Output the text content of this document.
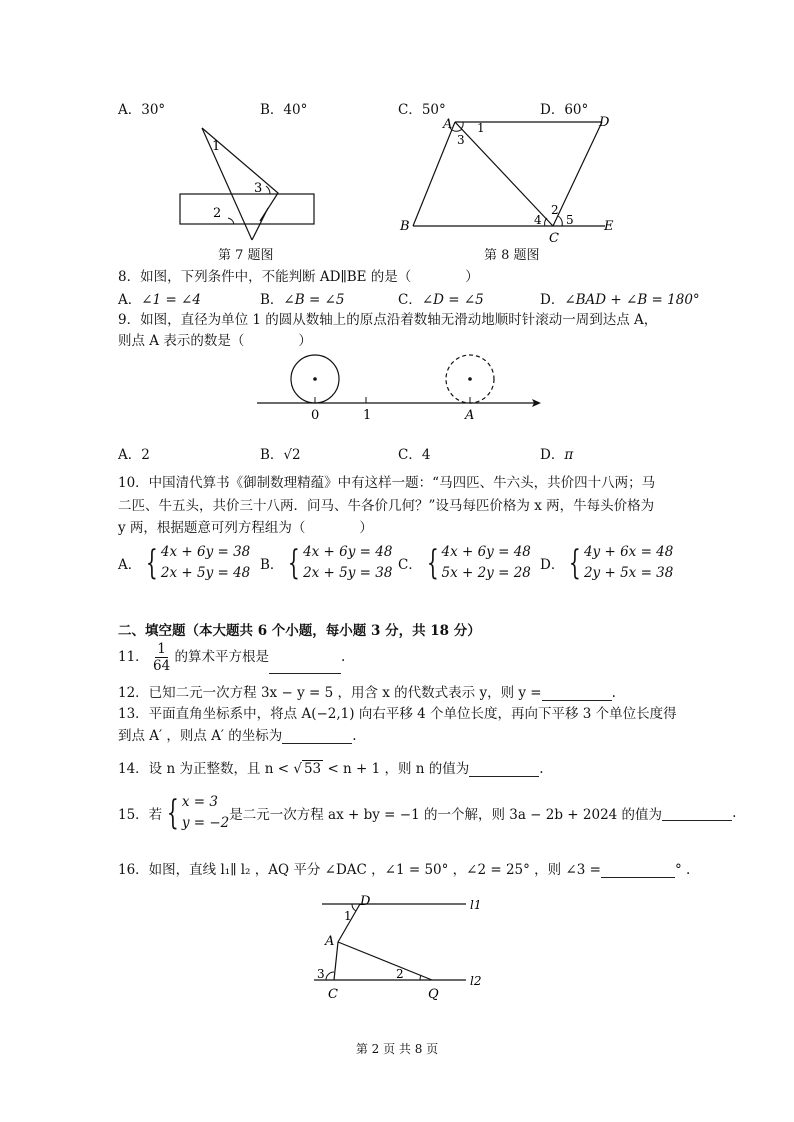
A．30°	B．40°	C．50°	D．60°
1
2
3
第 7 题图
A	D
B
C
E
1
3
2
4 5
第 8 题图
8．如图，下列条件中，不能判断 AD∥BE 的是（　　　　）
A．∠1 = ∠4	B．∠B = ∠5	C．∠D = ∠5	D．∠BAD + ∠B = 180°
9．如图，直径为单位 1 的圆从数轴上的原点沿着数轴无滑动地顺时针滚动一周到达点 A，
则点 A 表示的数是（　　　　）
0	1	A
A．2	B．√2	C．4	D．π
10．中国清代算书《御制数理精蕴》中有这样一题：“马四匹、牛六头，共价四十八两；马
二匹、牛五头，共价三十八两．问马、牛各价几何？”设马每匹价格为 x 两，牛每头价格为
y 两，根据题意可列方程组为（　　　　）
A． { 4x + 6y = 38
2x + 5y = 48 B． { 4x + 6y = 48
2x + 5y = 38 C． { 4x + 6y = 48
5x + 2y = 28 D． { 4y + 6x = 48
2y + 5x = 38
二、填空题（本大题共 6 个小题，每小题 3 分，共 18 分）
11． $\frac{1}{64}$ 的算术平方根是	.
12．已知二元一次方程 3x − y = 5 ，用含 x 的代数式表示 y，则 y =	.
13．平面直角坐标系中，将点 A(−2,1) 向右平移 4 个单位长度，再向下平移 3 个单位长度得
到点 A′ ，则点 A′ 的坐标为	.
14．设 n 为正整数，且 n < √ 53 < n + 1 ，则 n 的值为	.
15．若 { x = 3
y = −2 是二元一次方程 ax + by = −1 的一个解，则 3a − 2b + 2024 的值为	.
16．如图，直线 l₁∥ l₂ ，AQ 平分 ∠DAC ，∠1 = 50° ，∠2 = 25° ，则 ∠3 =	° .
D
1
l1
A
3	2
C	Q
l2
第 2 页 共 8 页
